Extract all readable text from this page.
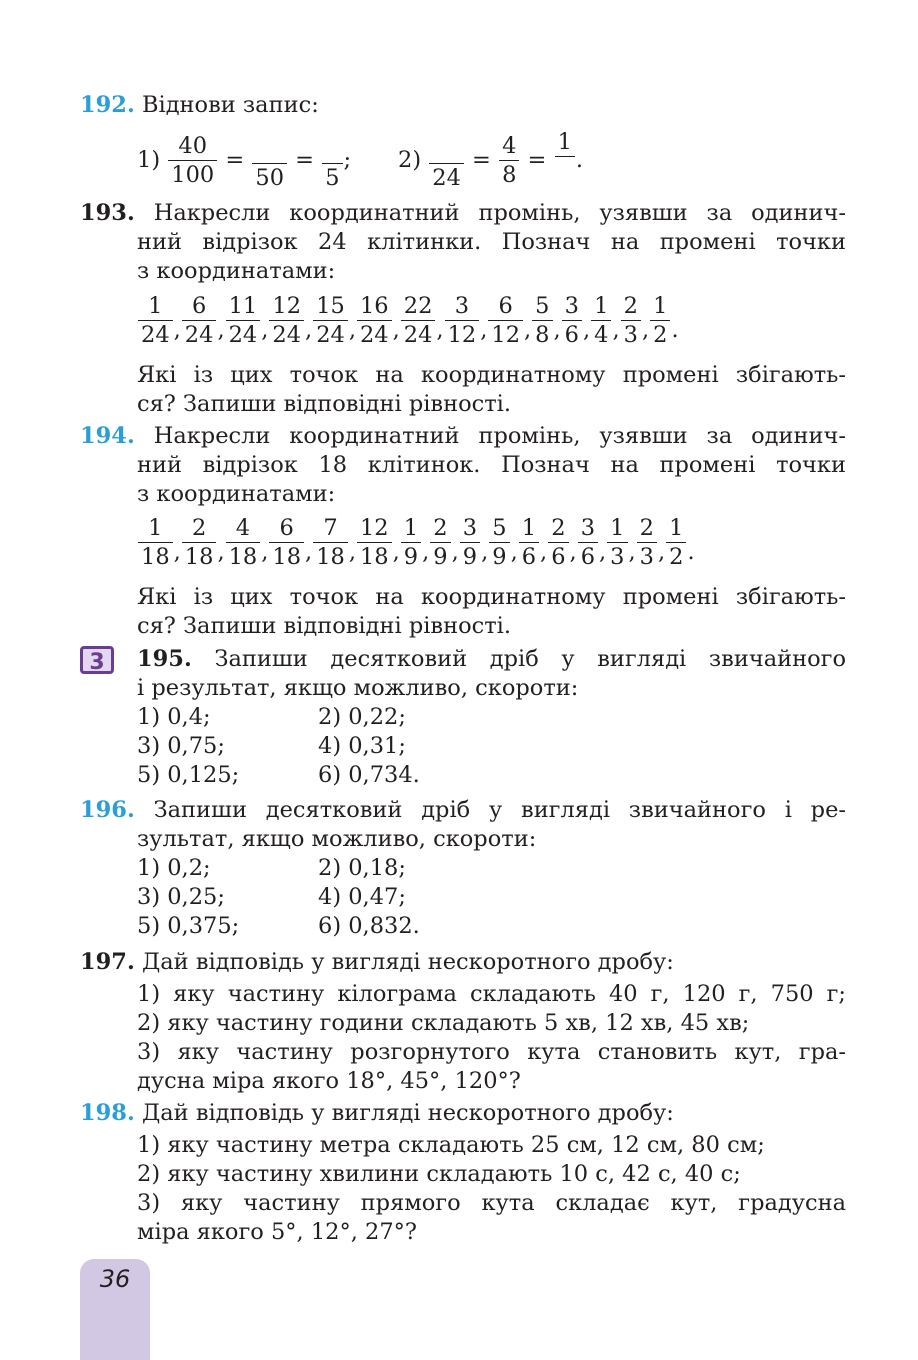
192. Віднови запис:
$1) \frac{40}{100}$ =
50
=
5
; 2)
24
= $\frac{4}{8}$ =
1
.
193. Накресли координатний промінь, узявши за одинич-
ний відрізок 24 клітинки. Познач на промені точки
з координатами:
$\frac{1}{24}$ , $\frac{6}{24}$ , $\frac{11}{24}$ , $\frac{12}{24}$ , $\frac{15}{24}$ , $\frac{16}{24}$ , $\frac{22}{24}$ , $\frac{3}{12}$ , $\frac{6}{12}$ , $\frac{5}{8}$ , $\frac{3}{6}$ , $\frac{1}{4}$ , $\frac{2}{3}$ , $\frac{1}{2}$ .
Які із цих точок на координатному промені збігають-
ся? Запиши відповідні рівності.
194. Накресли координатний промінь, узявши за одинич-
ний відрізок 18 клітинок. Познач на промені точки
з координатами:
$\frac{1}{18}$ , $\frac{2}{18}$ , $\frac{4}{18}$ , $\frac{6}{18}$ , $\frac{7}{18}$ , $\frac{12}{18}$ , $\frac{1}{9}$ , $\frac{2}{9}$ , $\frac{3}{9}$ , $\frac{5}{9}$ , $\frac{1}{6}$ , $\frac{2}{6}$ , $\frac{3}{6}$ , $\frac{1}{3}$ , $\frac{2}{3}$ , $\frac{1}{2}$ .
Які із цих точок на координатному промені збігають-
ся? Запиши відповідні рівності.
3	195. Запиши десятковий дріб у вигляді звичайного
і результат, якщо можливо, скороти:
1) 0,4;	2) 0,22;
3) 0,75;	4) 0,31;
5) 0,125;	6) 0,734.
196. Запиши десятковий дріб у вигляді звичайного і ре-
зультат, якщо можливо, скороти:
1) 0,2;	2) 0,18;
3) 0,25;	4) 0,47;
5) 0,375;	6) 0,832.
197. Дай відповідь у вигляді нескоротного дробу:
1) яку частину кілограма складають 40 г, 120 г, 750 г;
2) яку частину години складають 5 хв, 12 хв, 45 хв;
3) яку частину розгорнутого кута становить кут, гра-
дусна міра якого 18°, 45°, 120°?
198. Дай відповідь у вигляді нескоротного дробу:
1) яку частину метра складають 25 см, 12 см, 80 см;
2) яку частину хвилини складають 10 с, 42 с, 40 с;
3) яку частину прямого кута складає кут, градусна
міра якого 5°, 12°, 27°?
36
